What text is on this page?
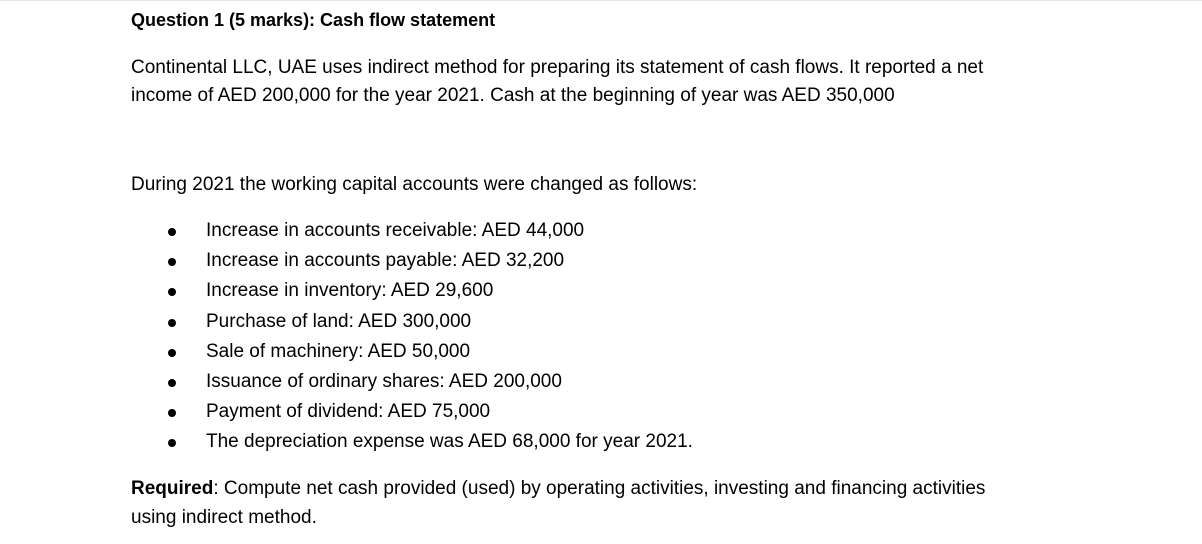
Question 1 (5 marks): Cash flow statement

Continental LLC, UAE uses indirect method for preparing its statement of cash flows. It reported a net

income of AED 200,000 for the year 2021. Cash at the beginning of year was AED 350,000

During 2021 the working capital accounts were changed as follows:
Increase in accounts receivable: AED 44,000
Increase in accounts payable: AED 32,200
Increase in inventory: AED 29,600
Purchase of land: AED 300,000
Sale of machinery: AED 50,000
Issuance of ordinary shares: AED 200,000
Payment of dividend: AED 75,000
The depreciation expense was AED 68,000 for year 2021.

Required: Compute net cash provided (used) by operating activities, investing and financing activities

using indirect method.
